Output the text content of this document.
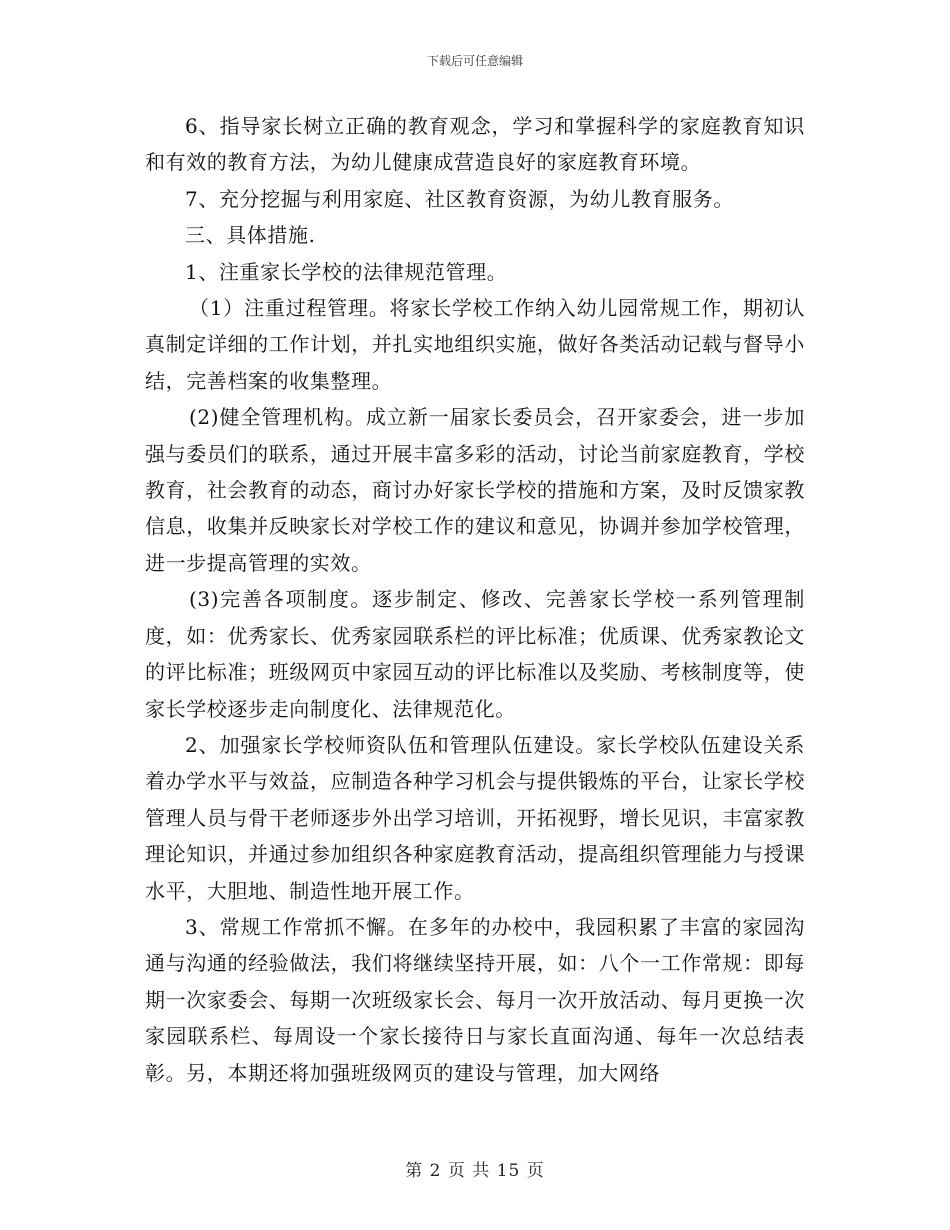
下载后可任意编辑

6、指导家长树立正确的教育观念，学习和掌握科学的家庭教育知识和有效的教育方法，为幼儿健康成营造良好的家庭教育环境。

7、充分挖掘与利用家庭、社区教育资源，为幼儿教育服务。

三、具体措施.

1、注重家长学校的法律规范管理。

（1）注重过程管理。将家长学校工作纳入幼儿园常规工作，期初认真制定详细的工作计划，并扎实地组织实施，做好各类活动记载与督导小结，完善档案的收集整理。

(2)健全管理机构。成立新一届家长委员会，召开家委会，进一步加强与委员们的联系，通过开展丰富多彩的活动，讨论当前家庭教育，学校教育，社会教育的动态，商讨办好家长学校的措施和方案，及时反馈家教信息，收集并反映家长对学校工作的建议和意见，协调并参加学校管理，进一步提高管理的实效。

(3)完善各项制度。逐步制定、修改、完善家长学校一系列管理制度，如：优秀家长、优秀家园联系栏的评比标准；优质课、优秀家教论文的评比标准；班级网页中家园互动的评比标准以及奖励、考核制度等，使家长学校逐步走向制度化、法律规范化。

2、加强家长学校师资队伍和管理队伍建设。家长学校队伍建设关系着办学水平与效益，应制造各种学习机会与提供锻炼的平台，让家长学校管理人员与骨干老师逐步外出学习培训，开拓视野，增长见识，丰富家教理论知识，并通过参加组织各种家庭教育活动，提高组织管理能力与授课水平，大胆地、制造性地开展工作。

3、常规工作常抓不懈。在多年的办校中，我园积累了丰富的家园沟通与沟通的经验做法，我们将继续坚持开展，如：八个一工作常规：即每期一次家委会、每期一次班级家长会、每月一次开放活动、每月更换一次家园联系栏、每周设一个家长接待日与家长直面沟通、每年一次总结表彰。另，本期还将加强班级网页的建设与管理，加大网络

第 2 页 共 15 页
